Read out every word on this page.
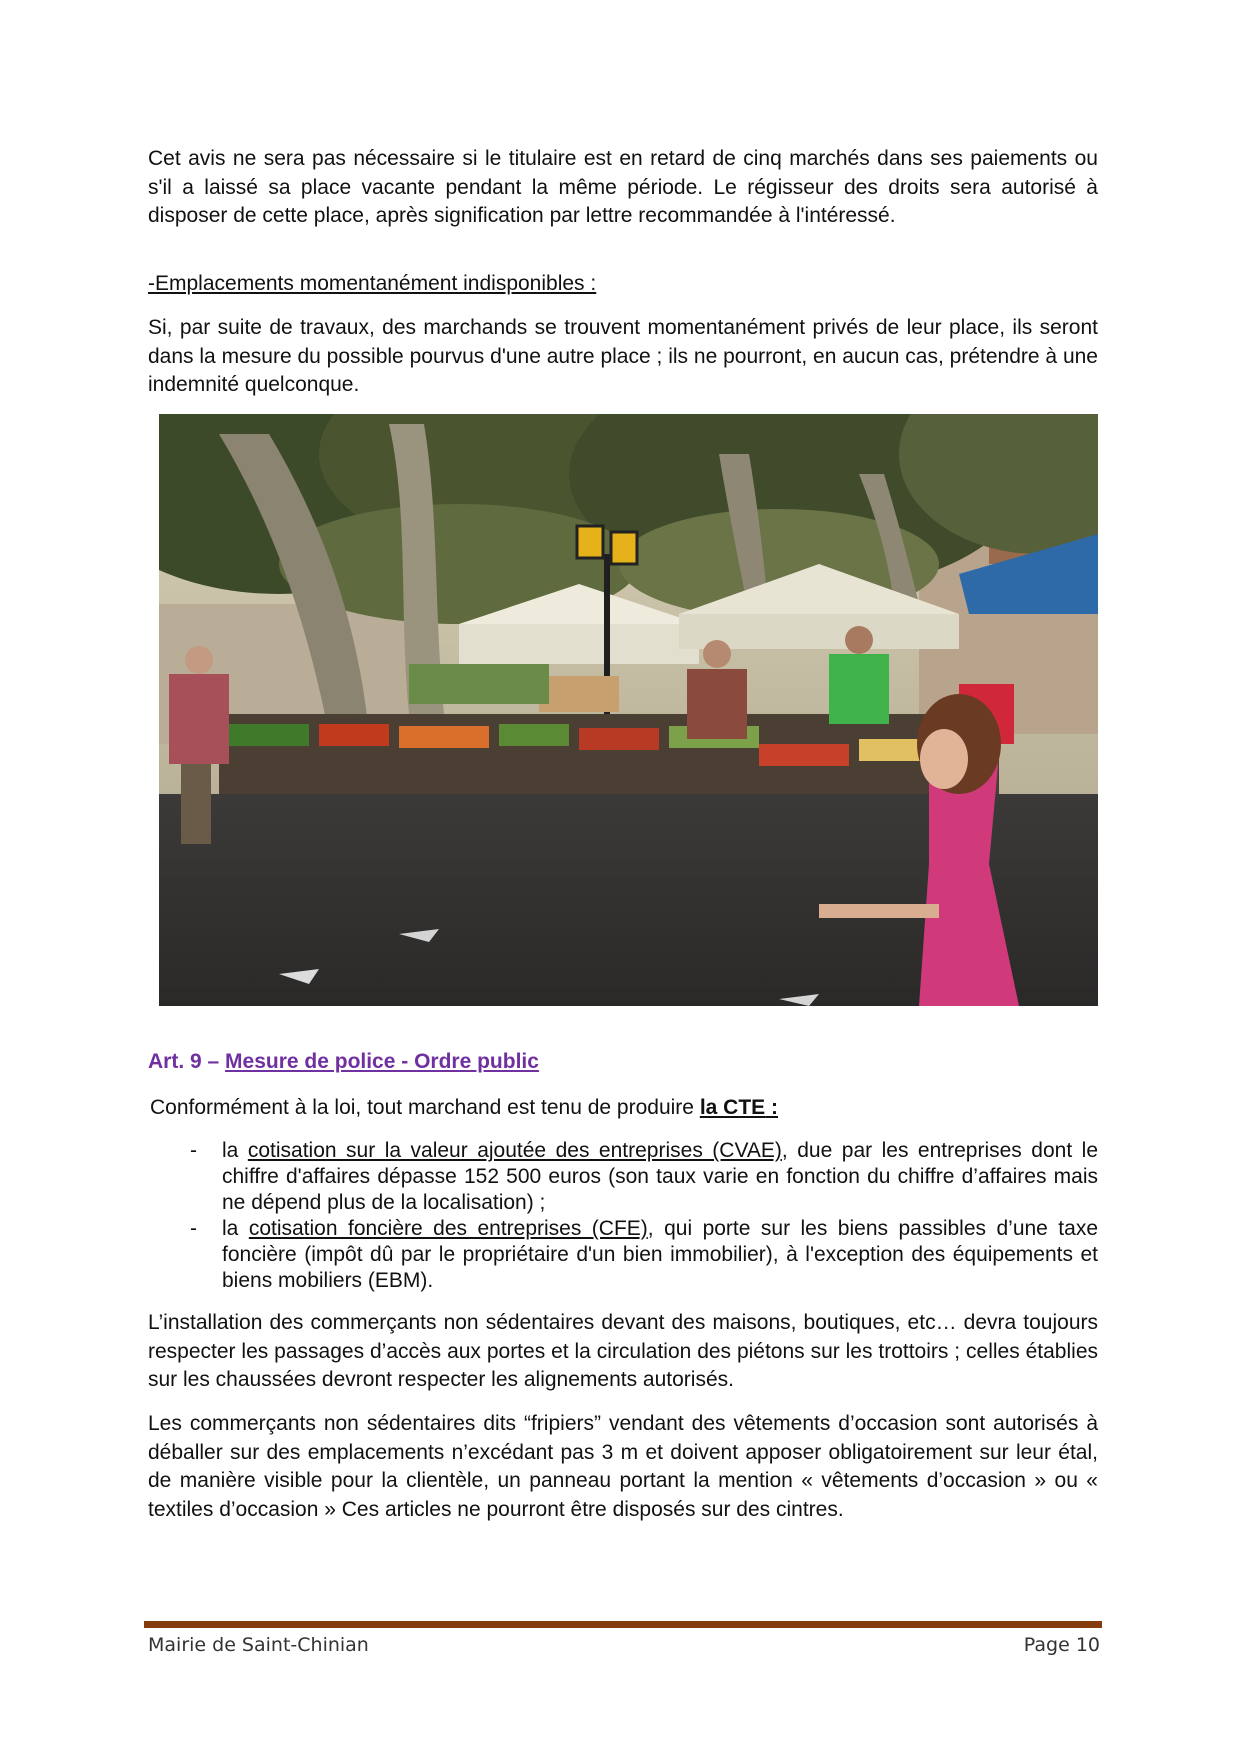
Cet avis ne sera pas nécessaire si le titulaire est en retard de cinq marchés dans ses paiements ou s'il a laissé sa place vacante pendant la même période. Le régisseur des droits sera autorisé à disposer de cette place, après signification par lettre recommandée à l'intéressé.

-Emplacements momentanément indisponibles :

Si, par suite de travaux, des marchands se trouvent momentanément privés de leur place, ils seront dans la mesure du possible pourvus d'une autre place ; ils ne pourront, en aucun cas, prétendre à une indemnité quelconque.

Art. 9 – Mesure de police - Ordre public

Conformément à la loi, tout marchand est tenu de produire la CTE :

- la cotisation sur la valeur ajoutée des entreprises (CVAE), due par les entreprises dont le chiffre d'affaires dépasse 152 500 euros (son taux varie en fonction du chiffre d’affaires mais ne dépend plus de la localisation) ;
- la cotisation foncière des entreprises (CFE), qui porte sur les biens passibles d’une taxe foncière (impôt dû par le propriétaire d'un bien immobilier), à l'exception des équipements et biens mobiliers (EBM).

L’installation des commerçants non sédentaires devant des maisons, boutiques, etc… devra toujours respecter les passages d’accès aux portes et la circulation des piétons sur les trottoirs ; celles établies sur les chaussées devront respecter les alignements autorisés.

Les commerçants non sédentaires dits “fripiers” vendant des vêtements d’occasion sont autorisés à déballer sur des emplacements n’excédant pas 3 m et doivent apposer obligatoirement sur leur étal, de manière visible pour la clientèle, un panneau portant la mention « vêtements d’occasion » ou « textiles d’occasion » Ces articles ne pourront être disposés sur des cintres.

Mairie de Saint-Chinian	Page 10
